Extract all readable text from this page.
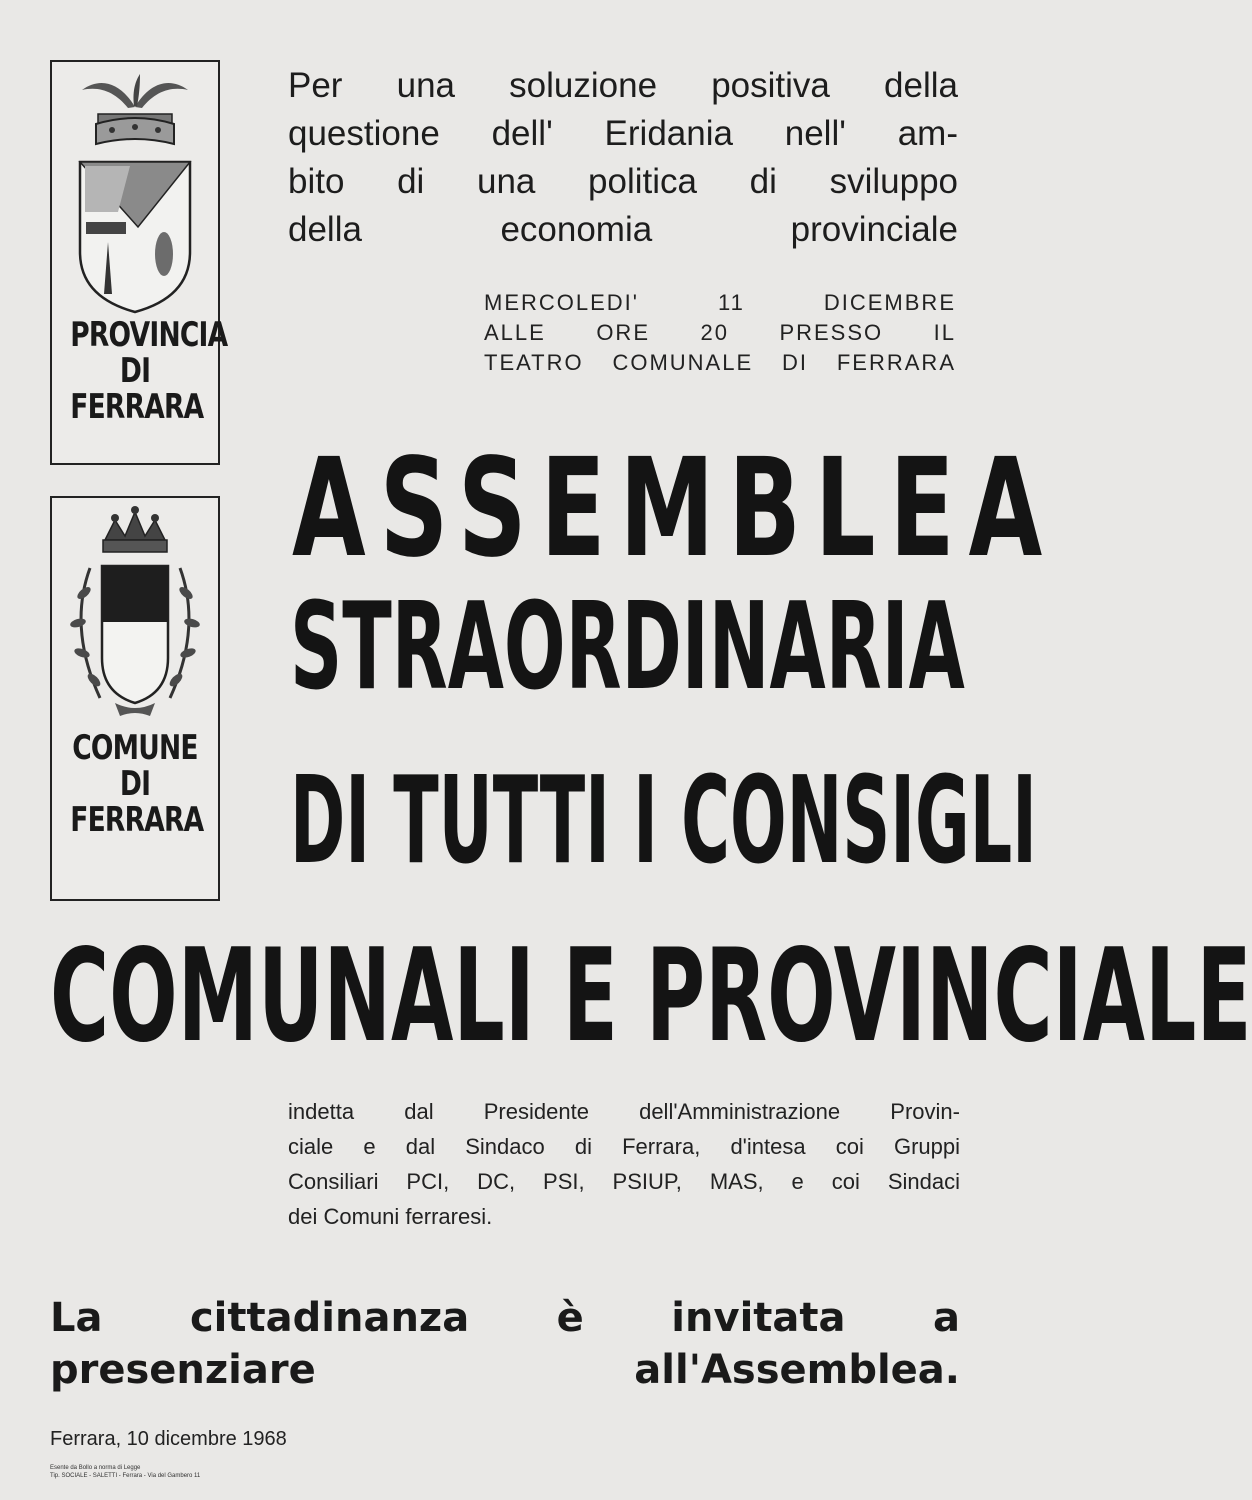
PROVINCIA
DI
FERRARA
COMUNE
DI
FERRARA
Per una soluzione positiva della
questione dell' Eridania nell' am-
bito di una politica di sviluppo
della economia provinciale
MERCOLEDI' 11 DICEMBRE
ALLE ORE 20 PRESSO IL
TEATRO COMUNALE DI FERRARA
ASSEMBLEA
STRAORDINARIA
DI TUTTI I CONSIGLI
COMUNALI E PROVINCIALE
indetta dal Presidente dell'Amministrazione Provin-
ciale e dal Sindaco di Ferrara, d'intesa coi Gruppi
Consiliari PCI, DC, PSI, PSIUP, MAS, e coi Sindaci
dei Comuni ferraresi.
La cittadinanza è invitata a
presenziare all'Assemblea.
Ferrara, 10 dicembre 1968
Esente da Bollo a norma di Legge
Tip. SOCIALE - SALETTI - Ferrara - Via del Gambero 11
